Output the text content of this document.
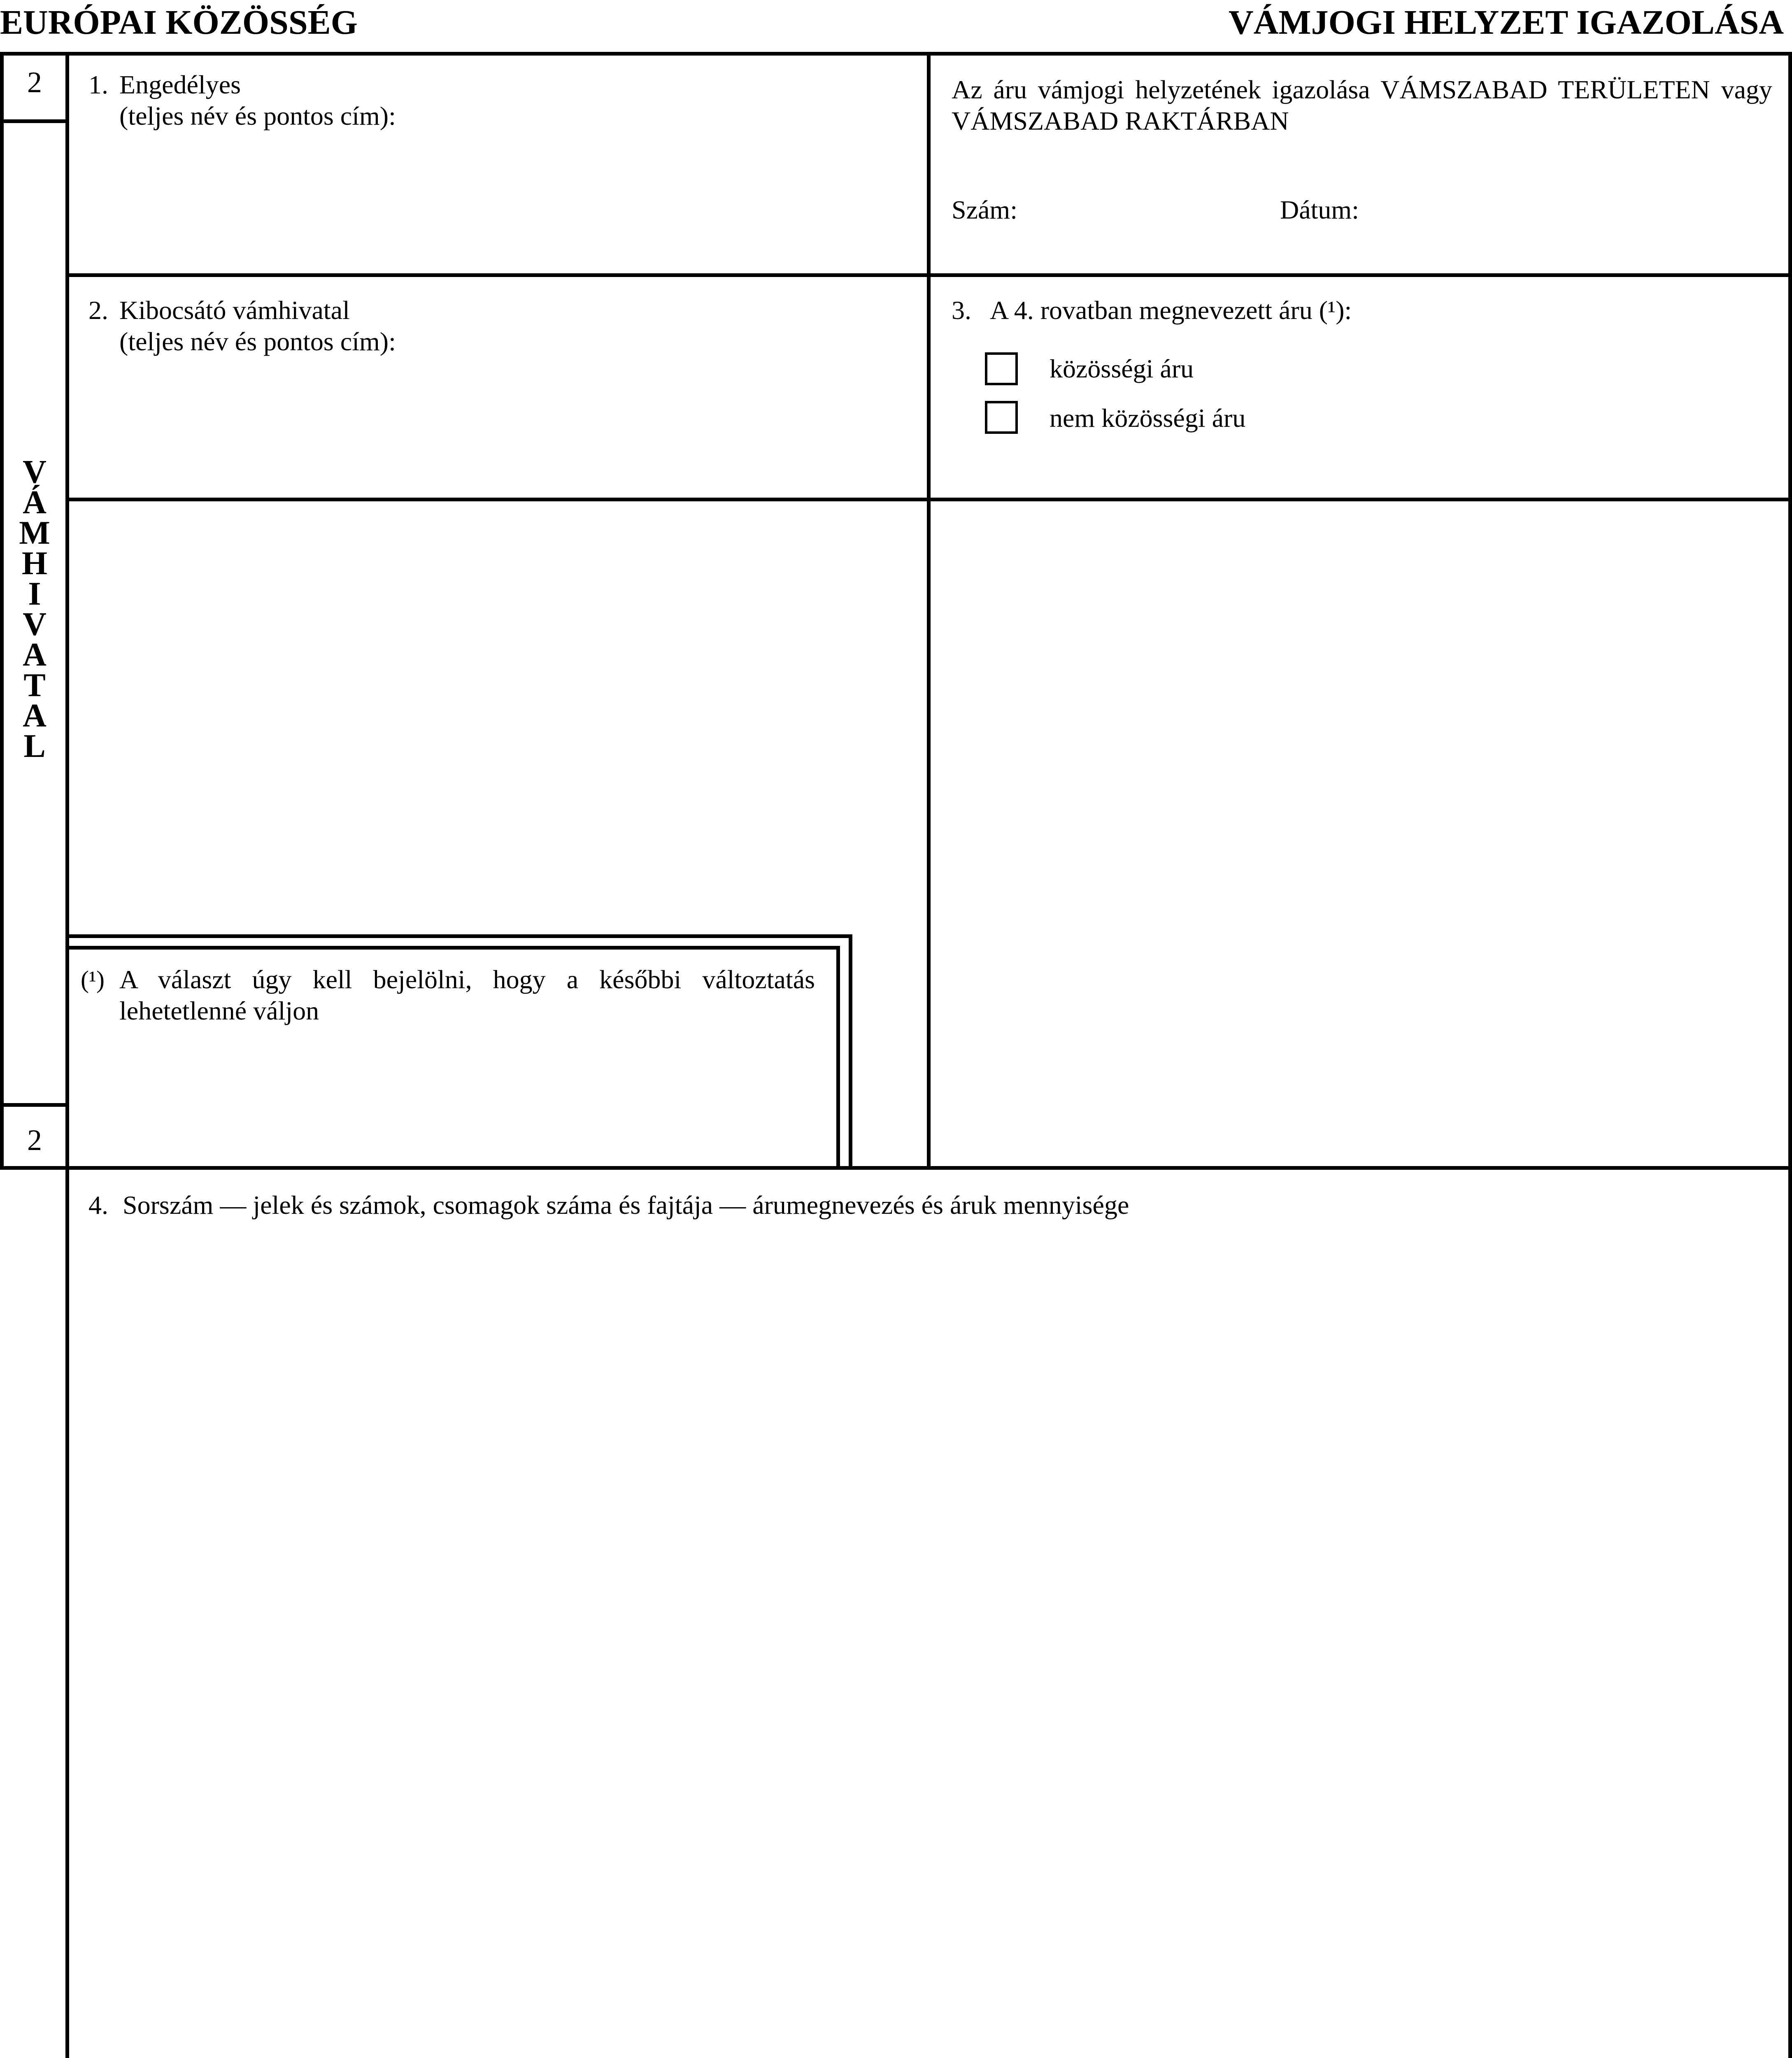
EURÓPAI KÖZÖSSÉG	VÁMJOGI HELYZET IGAZOLÁSA
2
2
V
Á
M
H
I
V
A
T
A
L
1. Engedélyes
(teljes név és pontos cím):
Az áru vámjogi helyzetének igazolása VÁMSZABAD TERÜLETEN vagy
VÁMSZABAD RAKTÁRBAN
Szám:	Dátum:
2. Kibocsátó vámhivatal
(teljes név és pontos cím):
3. A 4. rovatban megnevezett áru (¹):
közösségi áru
nem közösségi áru
(¹) A választ úgy kell bejelölni, hogy a későbbi változtatás
lehetetlenné váljon
4. Sorszám — jelek és számok, csomagok száma és fajtája — árumegnevezés és áruk mennyisége
